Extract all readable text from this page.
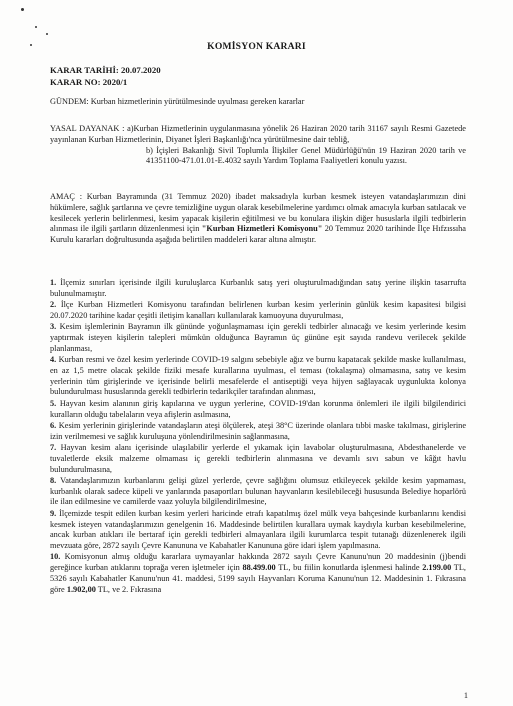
KOMİSYON KARARI

KARAR TARİHİ: 20.07.2020

KARAR NO: 2020/1

GÜNDEM: Kurban hizmetlerinin yürütülmesinde uyulması gereken kararlar

YASAL DAYANAK : a)Kurban Hizmetlerinin uygulanmasına yönelik 26 Haziran 2020 tarih 31167 sayılı Resmi Gazetede yayınlanan Kurban Hizmetlerinin, Diyanet İşleri Başkanlığı'nca yürütülmesine dair tebliğ,

b) İçişleri Bakanlığı Sivil Toplumla İlişkiler Genel Müdürlüğü'nün 19 Haziran 2020 tarih ve 41351100-471.01.01-E.4032 sayılı Yardım Toplama Faaliyetleri konulu yazısı.

AMAÇ : Kurban Bayramında (31 Temmuz 2020) ibadet maksadıyla kurban kesmek isteyen vatandaşlarımızın dini hükümlere, sağlık şartlarına ve çevre temizliğine uygun olarak kesebilmelerine yardımcı olmak amacıyla kurban satılacak ve kesilecek yerlerin belirlenmesi, kesim yapacak kişilerin eğitilmesi ve bu konulara ilişkin diğer hususlarla ilgili tedbirlerin alınması ile ilgili şartların düzenlenmesi için "Kurban Hizmetleri Komisyonu" 20 Temmuz 2020 tarihinde İlçe Hıfzıssıha Kurulu kararları doğrultusunda aşağıda belirtilen maddeleri karar altına almıştır.

1. İlçemiz sınırları içerisinde ilgili kuruluşlarca Kurbanlık satış yeri oluşturulmadığından satış yerine ilişkin tasarrufta bulunulmamıştır.

2. İlçe Kurban Hizmetleri Komisyonu tarafından belirlenen kurban kesim yerlerinin günlük kesim kapasitesi bilgisi 20.07.2020 tarihine kadar çeşitli iletişim kanalları kullanılarak kamuoyuna duyurulması,

3. Kesim işlemlerinin Bayramın ilk gününde yoğunlaşmaması için gerekli tedbirler alınacağı ve kesim yerlerinde kesim yaptırmak isteyen kişilerin talepleri mümkün olduğunca Bayramın üç gününe eşit sayıda randevu verilecek şekilde planlanması,

4. Kurban resmi ve özel kesim yerlerinde COVID-19 salgını sebebiyle ağız ve burnu kapatacak şekilde maske kullanılması, en az 1,5 metre olacak şekilde fiziki mesafe kurallarına uyulması, el teması (tokalaşma) olmamasına, satış ve kesim yerlerinin tüm girişlerinde ve içerisinde belirli mesafelerde el antiseptiği veya hijyen sağlayacak uygunlukta kolonya bulundurulması hususlarında gerekli tedbirlerin tedarikçiler tarafından alınması,

5. Hayvan kesim alanının giriş kapılarına ve uygun yerlerine, COVID-19'dan korunma önlemleri ile ilgili bilgilendirici kuralların olduğu tabelaların veya afişlerin asılmasına,

6. Kesim yerlerinin girişlerinde vatandaşların ateşi ölçülerek, ateşi 38°C üzerinde olanlara tıbbi maske takılması, girişlerine izin verilmemesi ve sağlık kuruluşuna yönlendirilmesinin sağlanmasına,

7. Hayvan kesim alanı içerisinde ulaşılabilir yerlerde el yıkamak için lavabolar oluşturulmasına, Abdesthanelerde ve tuvaletlerde eksik malzeme olmaması iç gerekli tedbirlerin alınmasına ve devamlı sıvı sabun ve kâğıt havlu bulundurulmasına,

8. Vatandaşlarımızın kurbanlarını gelişi güzel yerlerde, çevre sağlığını olumsuz etkileyecek şekilde kesim yapmaması, kurbanlık olarak sadece küpeli ve yanlarında pasaportları bulunan hayvanların kesilebileceği hususunda Belediye hoparlörü ile ilan edilmesine ve camilerde vaaz yoluyla bilgilendirilmesine,

9. İlçemizde tespit edilen kurban kesim yerleri haricinde etrafı kapatılmış özel mülk veya bahçesinde kurbanlarını kendisi kesmek isteyen vatandaşlarımızın genelgenin 16. Maddesinde belirtilen kurallara uymak kaydıyla kurban kesebilmelerine, ancak kurban atıkları ile bertaraf için gerekli tedbirleri almayanlara ilgili kurumlarca tespit tutanağı düzenlenerek ilgili mevzuata göre, 2872 sayılı Çevre Kanununa ve Kabahatler Kanununa göre idari işlem yapılmasına.

10. Komisyonun almış olduğu kararlara uymayanlar hakkında 2872 sayılı Çevre Kanunu'nun 20 maddesinin (j)bendi gereğince kurban atıklarını toprağa veren işletmeler için 88.499.00 TL, bu fiilin konutlarda işlenmesi halinde 2.199.00 TL, 5326 sayılı Kabahatler Kanunu'nun 41. maddesi, 5199 sayılı Hayvanları Koruma Kanunu'nun 12. Maddesinin 1. Fıkrasına göre 1.902,00 TL, ve 2. Fıkrasına

1
